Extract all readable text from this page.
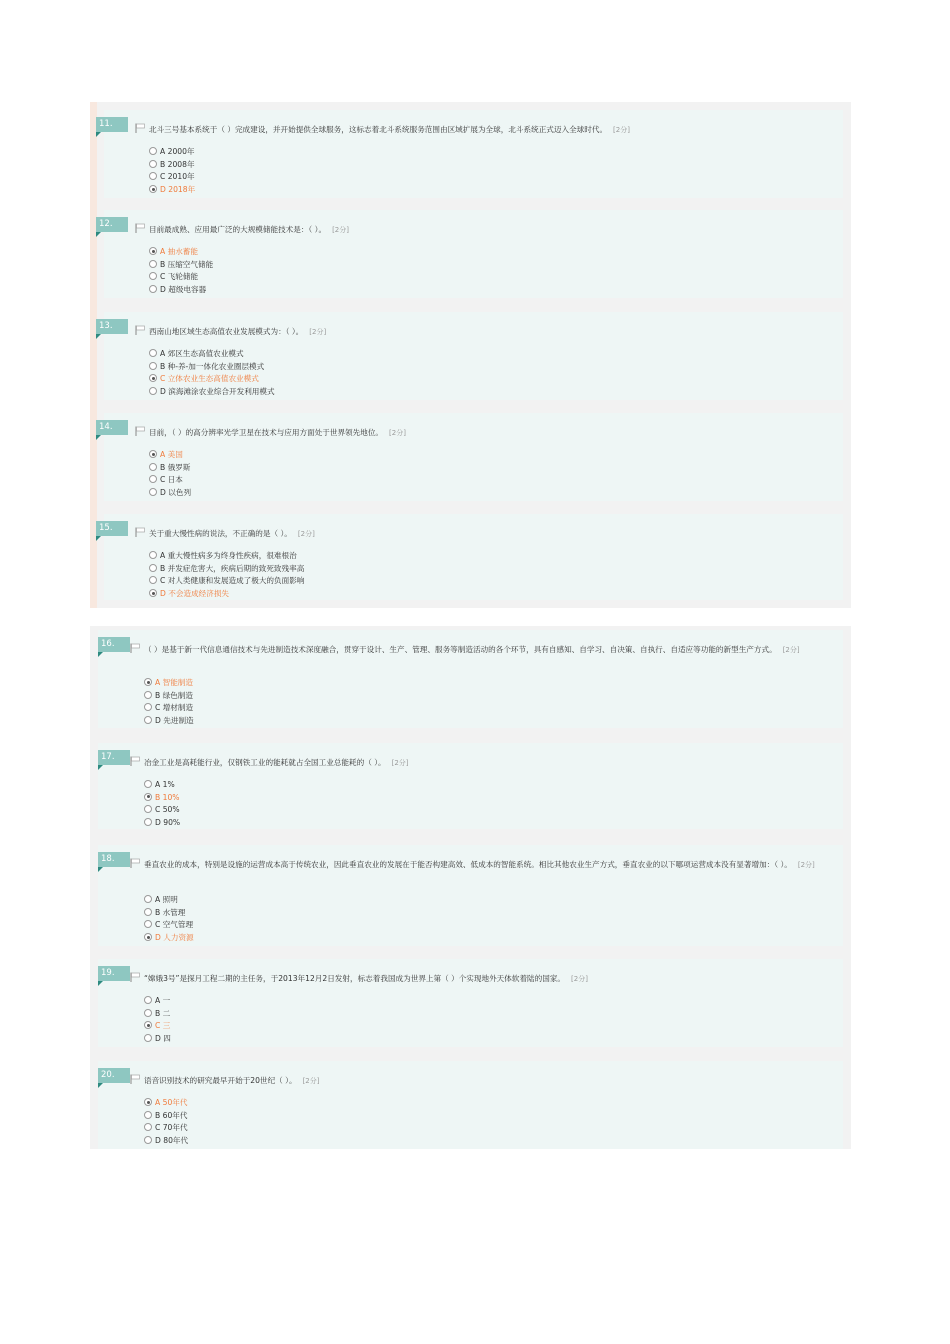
11.
北斗三号基本系统于（ ）完成建设，并开始提供全球服务，这标志着北斗系统服务范围由区域扩展为全球，北斗系统正式迈入全球时代。 [2分]
A 2000年
B 2008年
C 2010年
D 2018年
12.
目前最成熟、应用最广泛的大规模储能技术是：（ ）。 [2分]
A 抽水蓄能
B 压缩空气储能
C 飞轮储能
D 超级电容器
13.
西南山地区域生态高值农业发展模式为：（ ）。 [2分]
A 郊区生态高值农业模式
B 种-养-加一体化农业圈层模式
C 立体农业生态高值农业模式
D 滨海滩涂农业综合开发利用模式
14.
目前，（ ）的高分辨率光学卫星在技术与应用方面处于世界领先地位。 [2分]
A 美国
B 俄罗斯
C 日本
D 以色列
15.
关于重大慢性病的说法，不正确的是（ ）。 [2分]
A 重大慢性病多为终身性疾病，很难根治
B 并发症危害大，疾病后期的致死致残率高
C 对人类健康和发展造成了极大的负面影响
D 不会造成经济损失
16.
（ ）是基于新一代信息通信技术与先进制造技术深度融合，贯穿于设计、生产、管理、服务等制造活动的各个环节，具有自感知、自学习、自决策、自执行、自适应等功能的新型生产方式。 [2分]
A 智能制造
B 绿色制造
C 增材制造
D 先进制造
17.
冶金工业是高耗能行业，仅钢铁工业的能耗就占全国工业总能耗的（ ）。 [2分]
A 1%
B 10%
C 50%
D 90%
18.
垂直农业的成本，特别是设施的运营成本高于传统农业，因此垂直农业的发展在于能否构建高效、低成本的智能系统。相比其他农业生产方式，垂直农业的以下哪项运营成本没有显著增加：（ ）。 [2分]
A 照明
B 水管理
C 空气管理
D 人力资源
19.
“嫦娥3号”是探月工程二期的主任务，于2013年12月2日发射，标志着我国成为世界上第（ ）个实现地外天体软着陆的国家。 [2分]
A 一
B 二
C 三
D 四
20.
语音识别技术的研究最早开始于20世纪（ ）。 [2分]
A 50年代
B 60年代
C 70年代
D 80年代
